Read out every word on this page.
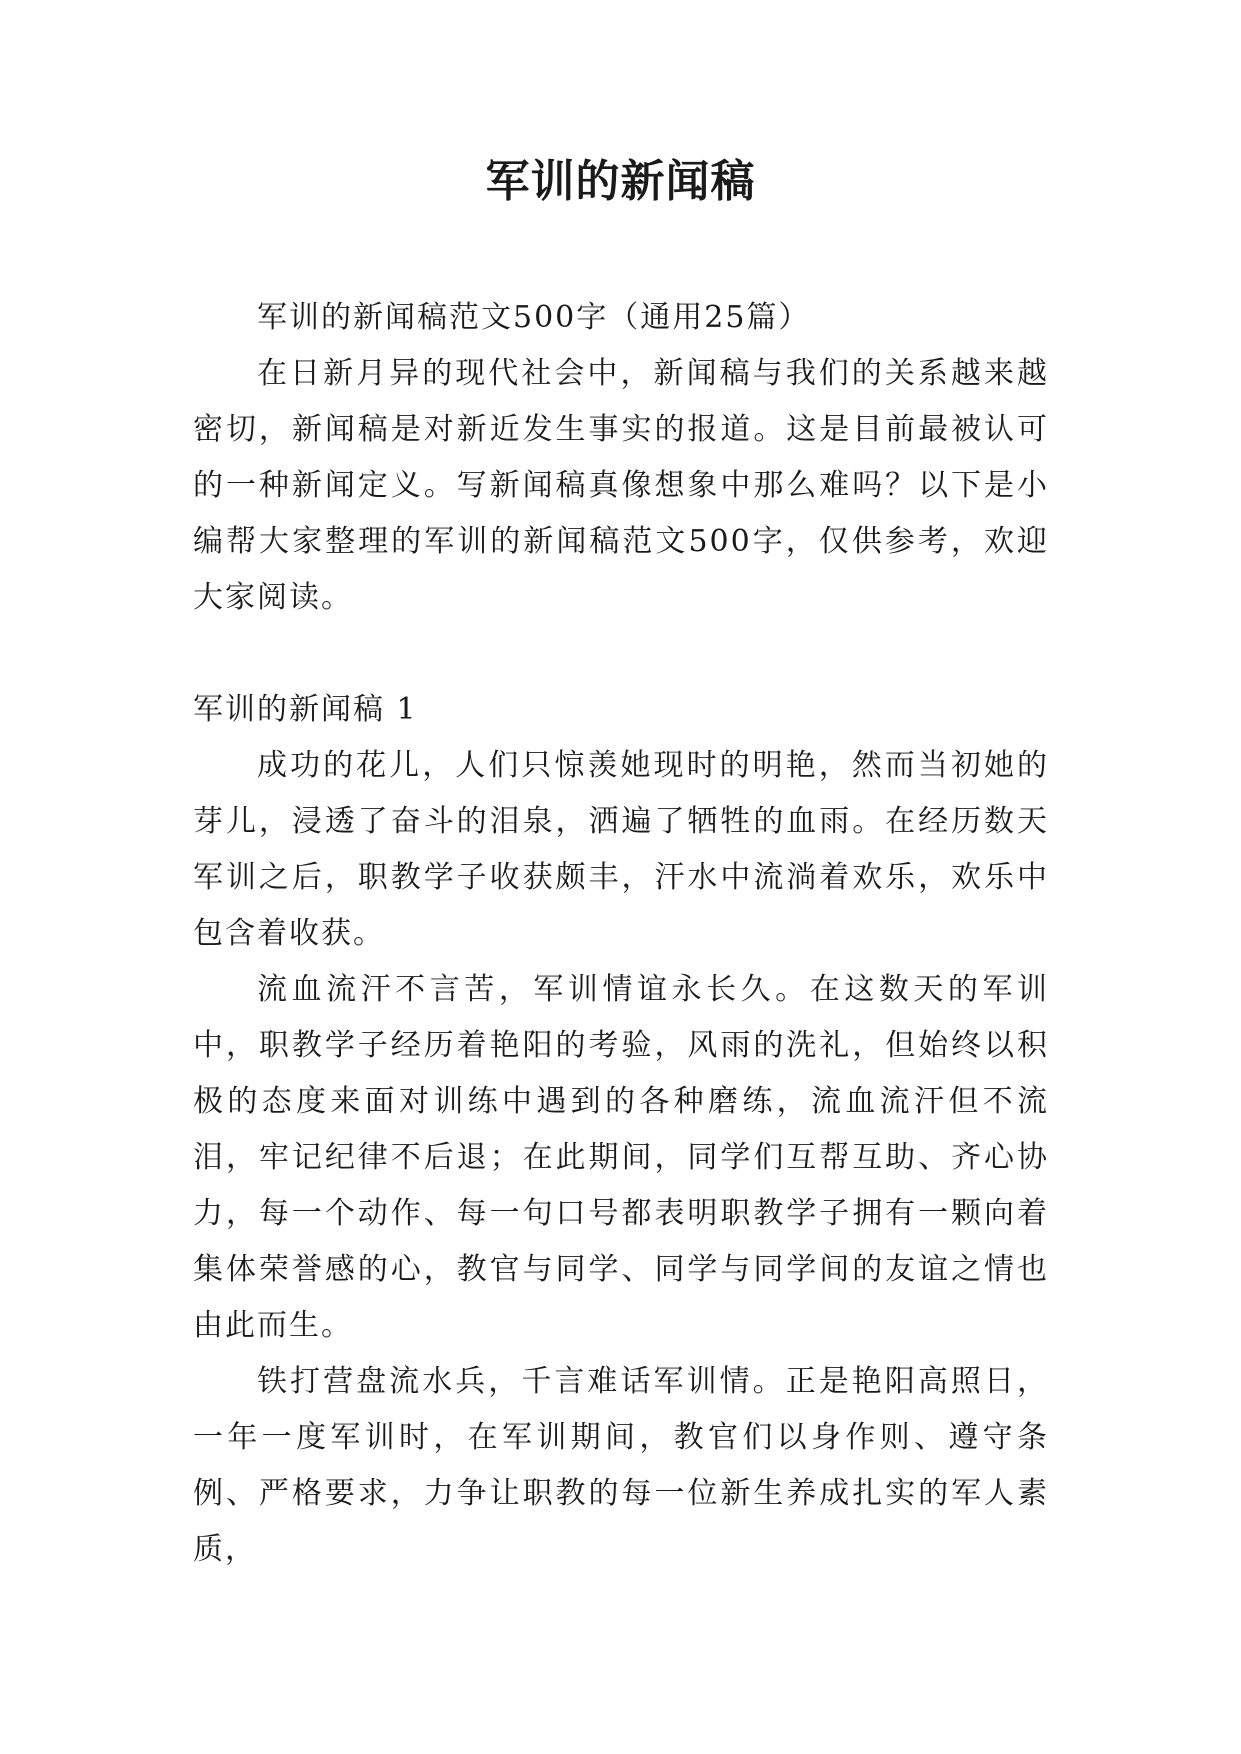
军训的新闻稿

军训的新闻稿范文500字（通用25篇）

在日新月异的现代社会中，新闻稿与我们的关系越来越密切，新闻稿是对新近发生事实的报道。这是目前最被认可的一种新闻定义。写新闻稿真像想象中那么难吗？以下是小编帮大家整理的军训的新闻稿范文500字，仅供参考，欢迎大家阅读。

军训的新闻稿 1

成功的花儿，人们只惊羡她现时的明艳，然而当初她的芽儿，浸透了奋斗的泪泉，洒遍了牺牲的血雨。在经历数天军训之后，职教学子收获颇丰，汗水中流淌着欢乐，欢乐中包含着收获。

流血流汗不言苦，军训情谊永长久。在这数天的军训中，职教学子经历着艳阳的考验，风雨的洗礼，但始终以积极的态度来面对训练中遇到的各种磨练，流血流汗但不流泪，牢记纪律不后退；在此期间，同学们互帮互助、齐心协力，每一个动作、每一句口号都表明职教学子拥有一颗向着集体荣誉感的心，教官与同学、同学与同学间的友谊之情也由此而生。

铁打营盘流水兵，千言难话军训情。正是艳阳高照日，一年一度军训时，在军训期间，教官们以身作则、遵守条例、严格要求，力争让职教的每一位新生养成扎实的军人素质，
